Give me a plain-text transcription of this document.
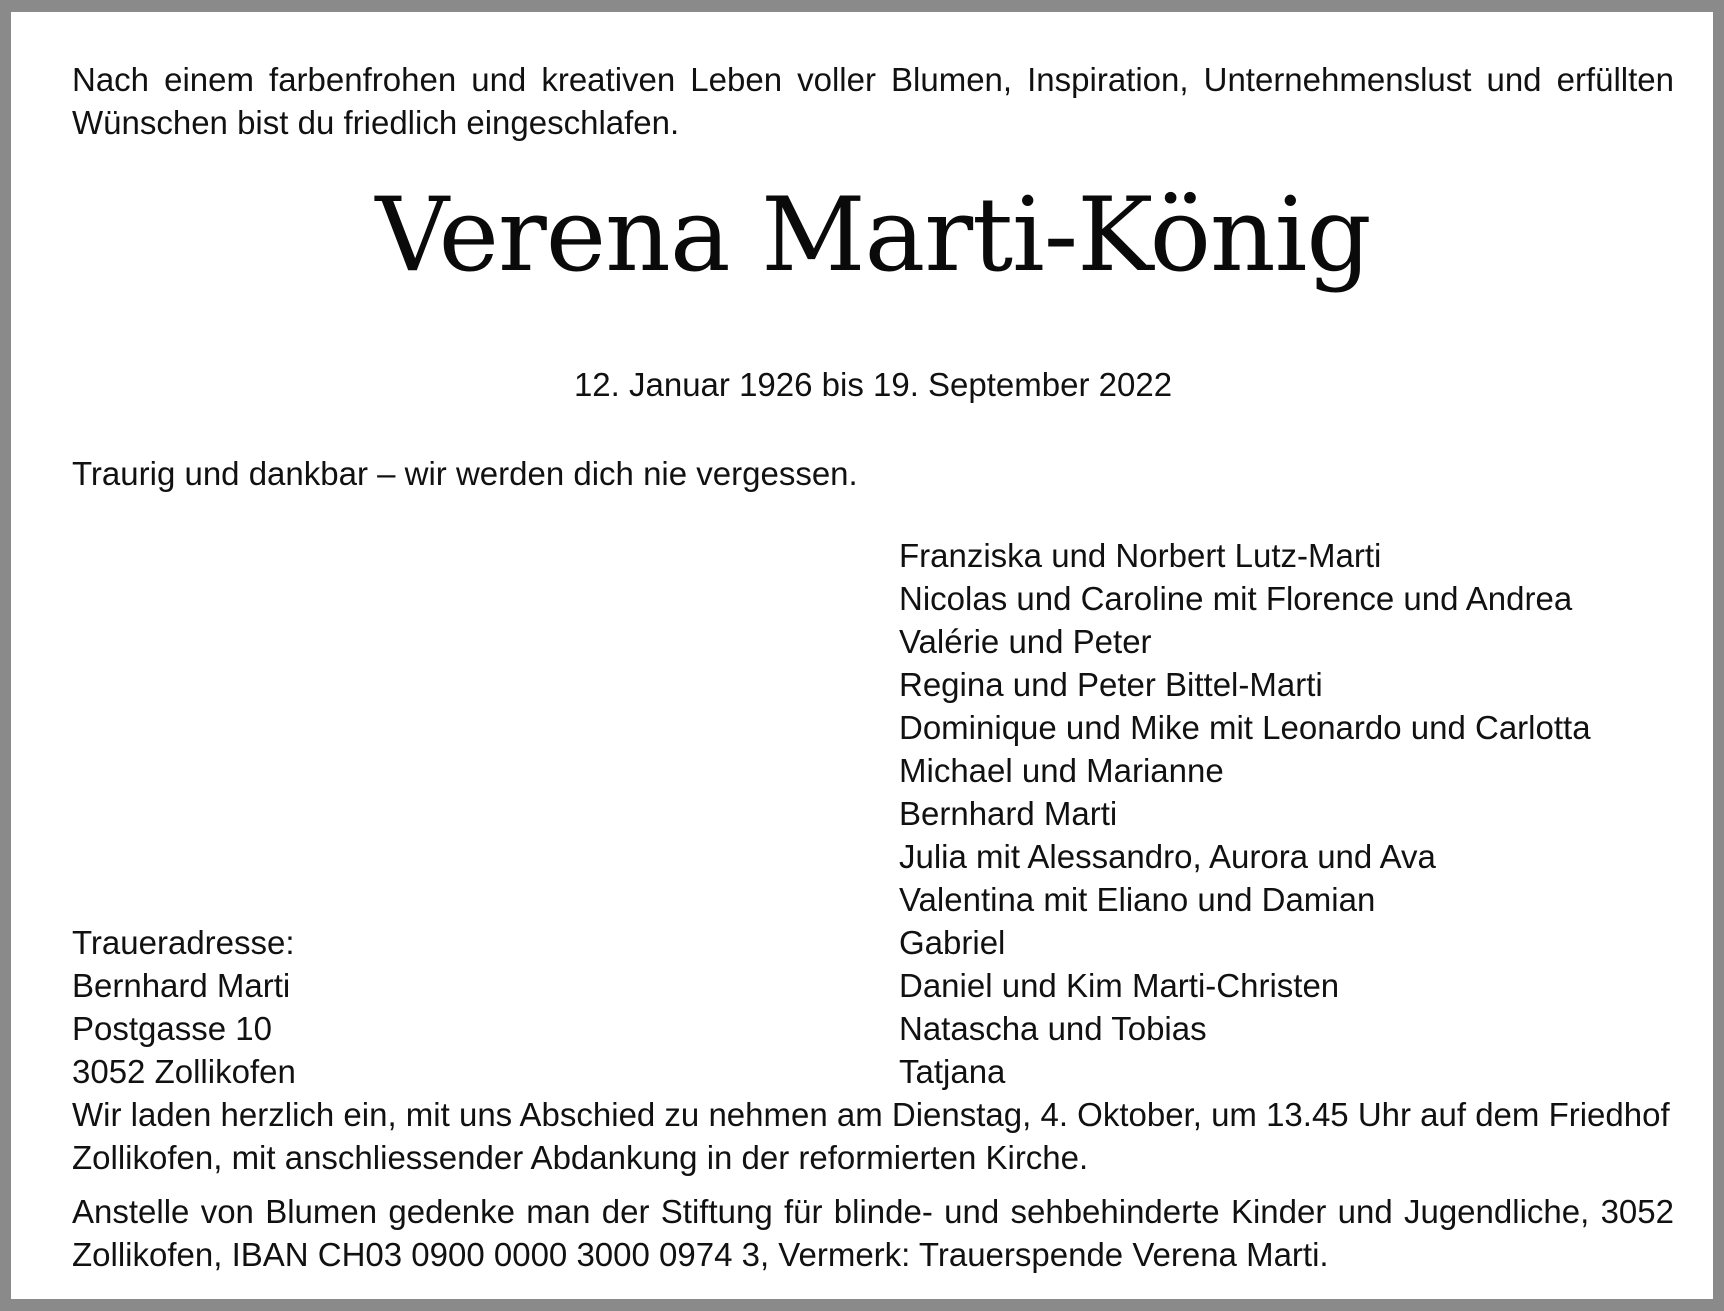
Nach einem farbenfrohen und kreativen Leben voller Blumen, Inspiration, Unternehmenslust und erfüllten Wünschen bist du friedlich eingeschlafen.

Verena Marti-König

12. Januar 1926 bis 19. September 2022

Traurig und dankbar – wir werden dich nie vergessen.

Franziska und Norbert Lutz-Marti
Nicolas und Caroline mit Florence und Andrea
Valérie und Peter
Regina und Peter Bittel-Marti
Dominique und Mike mit Leonardo und Carlotta
Michael und Marianne
Bernhard Marti
Julia mit Alessandro, Aurora und Ava
Valentina mit Eliano und Damian
Gabriel
Daniel und Kim Marti-Christen
Natascha und Tobias
Tatjana
Traueradresse:
Bernhard Marti
Postgasse 10
3052 Zollikofen

Wir laden herzlich ein, mit uns Abschied zu nehmen am Dienstag, 4. Oktober, um 13.45 Uhr auf dem Friedhof Zollikofen, mit anschliessender Abdankung in der reformierten Kirche.

Anstelle von Blumen gedenke man der Stiftung für blinde- und sehbehinderte Kinder und Jugendliche, 3052 Zollikofen, IBAN CH03 0900 0000 3000 0974 3, Vermerk: Trauerspende Verena Marti.
